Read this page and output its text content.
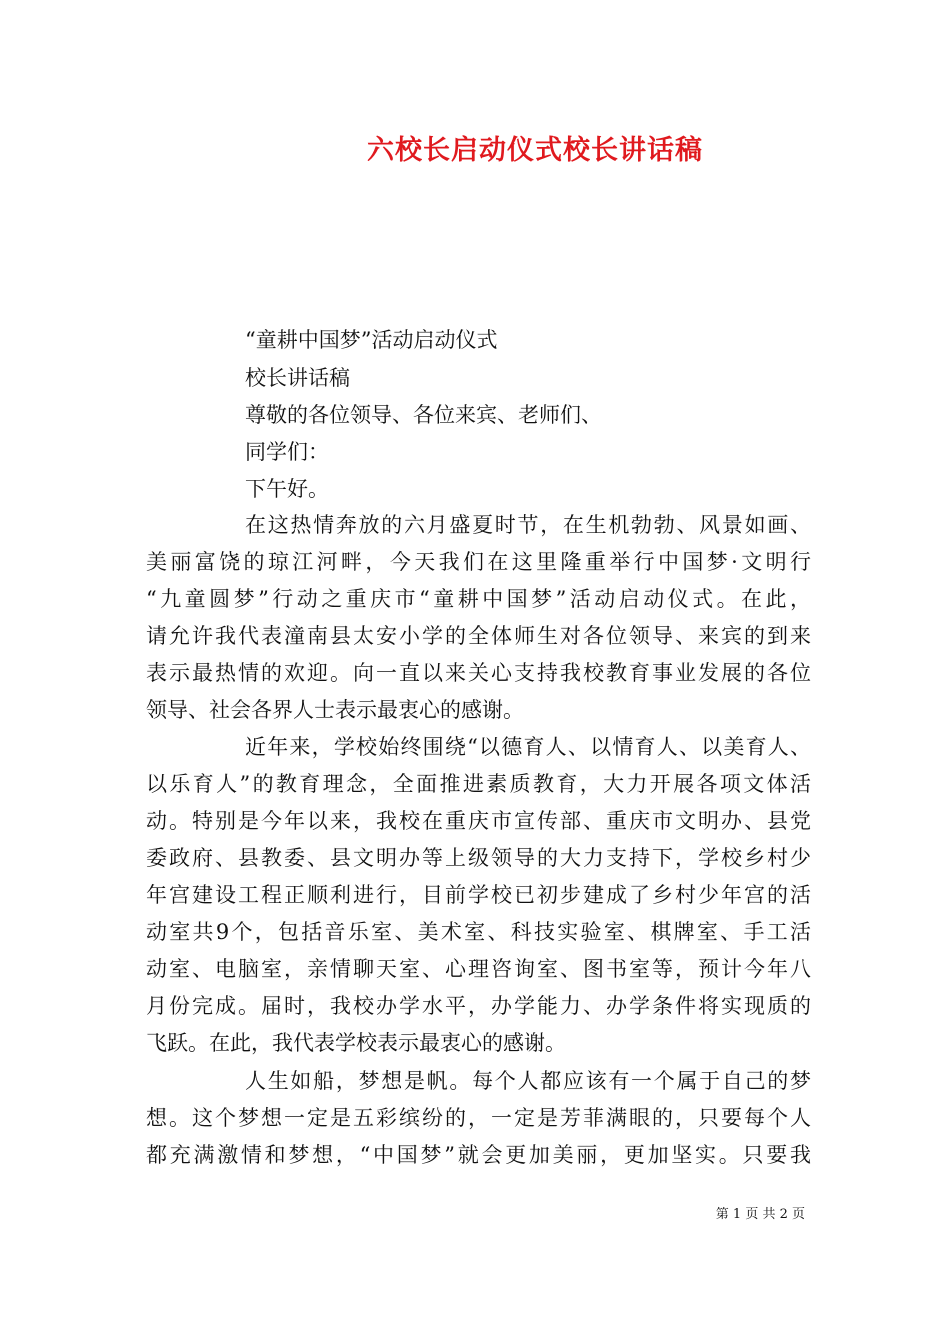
六校长启动仪式校长讲话稿
“童耕中国梦”活动启动仪式
校长讲话稿
尊敬的各位领导、各位来宾、老师们、
同学们：
下午好。
在这热情奔放的六月盛夏时节，在生机勃勃、风景如画、
美丽富饶的琼江河畔，今天我们在这里隆重举行中国梦·文明行
“九童圆梦”行动之重庆市“童耕中国梦”活动启动仪式。在此，
请允许我代表潼南县太安小学的全体师生对各位领导、来宾的到来
表示最热情的欢迎。向一直以来关心支持我校教育事业发展的各位
领导、社会各界人士表示最衷心的感谢。
近年来，学校始终围绕“以德育人、以情育人、以美育人、
以乐育人”的教育理念，全面推进素质教育，大力开展各项文体活
动。特别是今年以来，我校在重庆市宣传部、重庆市文明办、县党
委政府、县教委、县文明办等上级领导的大力支持下，学校乡村少
年宫建设工程正顺利进行，目前学校已初步建成了乡村少年宫的活
动室共9个，包括音乐室、美术室、科技实验室、棋牌室、手工活
动室、电脑室，亲情聊天室、心理咨询室、图书室等，预计今年八
月份完成。届时，我校办学水平，办学能力、办学条件将实现质的
飞跃。在此，我代表学校表示最衷心的感谢。
人生如船，梦想是帆。每个人都应该有一个属于自己的梦
想。这个梦想一定是五彩缤纷的，一定是芳菲满眼的，只要每个人
都充满激情和梦想，“中国梦”就会更加美丽，更加坚实。只要我
第 1 页 共 2 页
